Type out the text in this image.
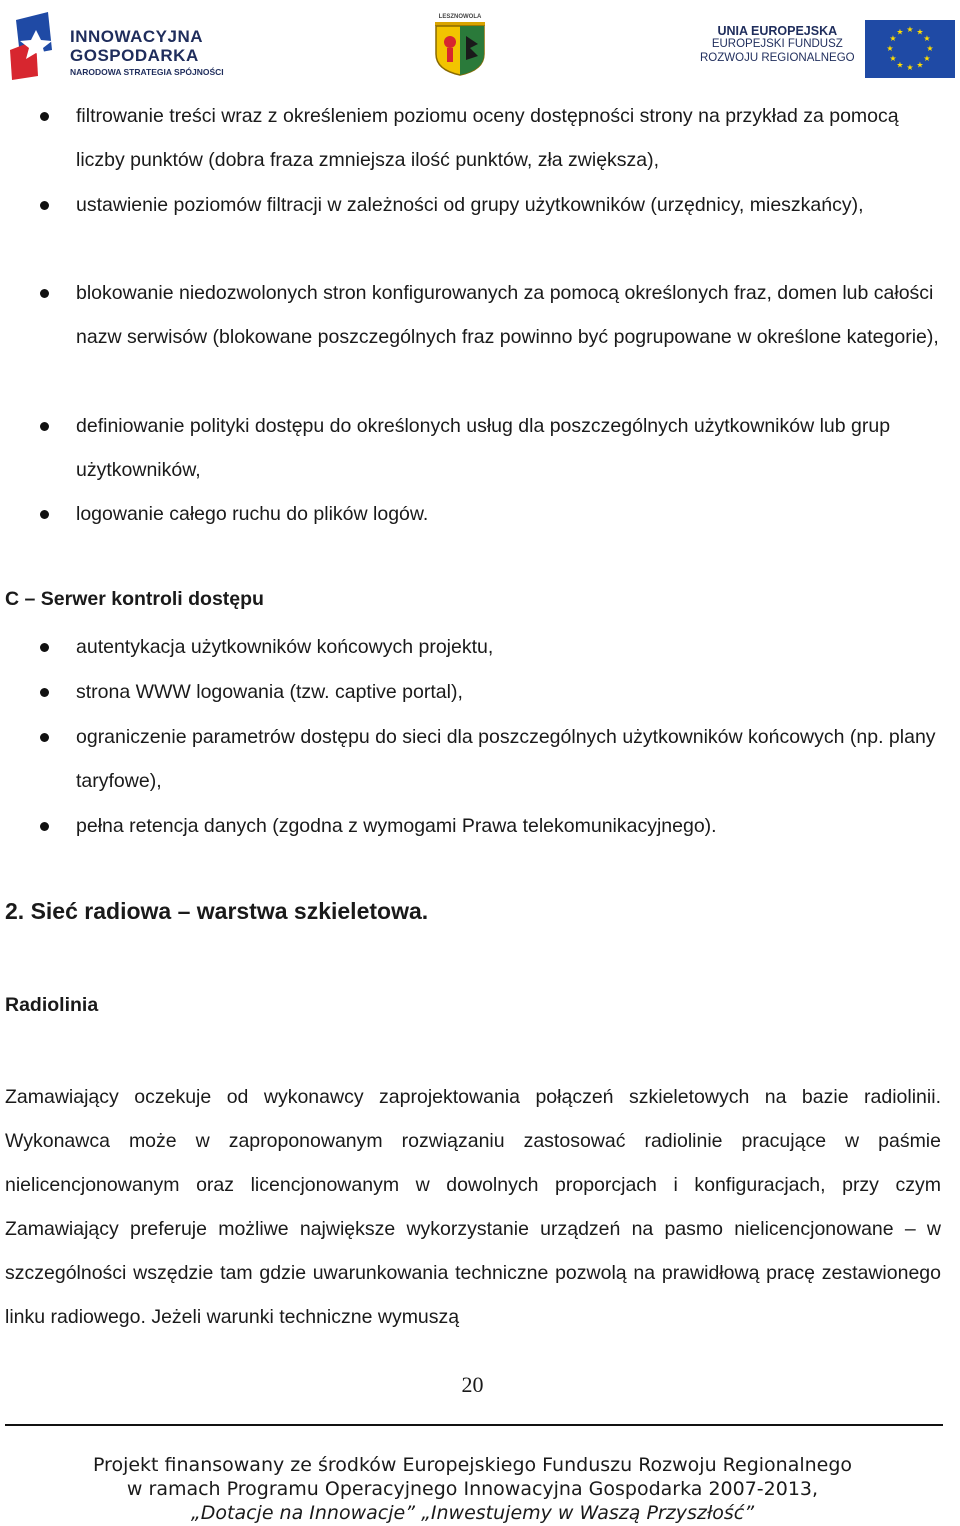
INNOWACYJNA
GOSPODARKA
NARODOWA STRATEGIA SPÓJNOŚCI
LESZNOWOLA
UNIA EUROPEJSKA
EUROPEJSKI FUNDUSZ
ROZWOJU REGIONALNEGO
★ ★
★
★
★
★
★
★
★
★
★
★
filtrowanie treści wraz z określeniem poziomu oceny dostępności strony na przykład za pomocą liczby punktów (dobra fraza zmniejsza ilość punktów, zła zwiększa),
ustawienie poziomów filtracji w zależności od grupy użytkowników (urzędnicy, mieszkańcy),
blokowanie niedozwolonych stron konfigurowanych za pomocą określonych fraz, domen lub całości nazw serwisów (blokowane poszczególnych fraz powinno być pogrupowane w określone kategorie),
definiowanie polityki dostępu do określonych usług dla poszczególnych użytkowników lub grup użytkowników,
logowanie całego ruchu do plików logów.
C – Serwer kontroli dostępu
autentykacja użytkowników końcowych projektu,
strona WWW logowania (tzw. captive portal),
ograniczenie parametrów dostępu do sieci dla poszczególnych użytkowników końcowych (np. plany taryfowe),
pełna retencja danych (zgodna z wymogami Prawa telekomunikacyjnego).
2. Sieć radiowa – warstwa szkieletowa.
Radiolinia
Zamawiający oczekuje od wykonawcy zaprojektowania połączeń szkieletowych na bazie radiolinii. Wykonawca może w zaproponowanym rozwiązaniu zastosować radiolinie pracujące w paśmie nielicencjonowanym oraz licencjonowanym w dowolnych proporcjach i konfiguracjach, przy czym Zamawiający preferuje możliwe największe wykorzystanie urządzeń na pasmo nielicencjonowane – w szczególności wszędzie tam gdzie uwarunkowania techniczne pozwolą na prawidłową pracę zestawionego linku radiowego. Jeżeli warunki techniczne wymuszą
20
Projekt finansowany ze środków Europejskiego Funduszu Rozwoju Regionalnego
w ramach Programu Operacyjnego Innowacyjna Gospodarka 2007-2013,
„Dotacje na Innowacje” „Inwestujemy w Waszą Przyszłość”
